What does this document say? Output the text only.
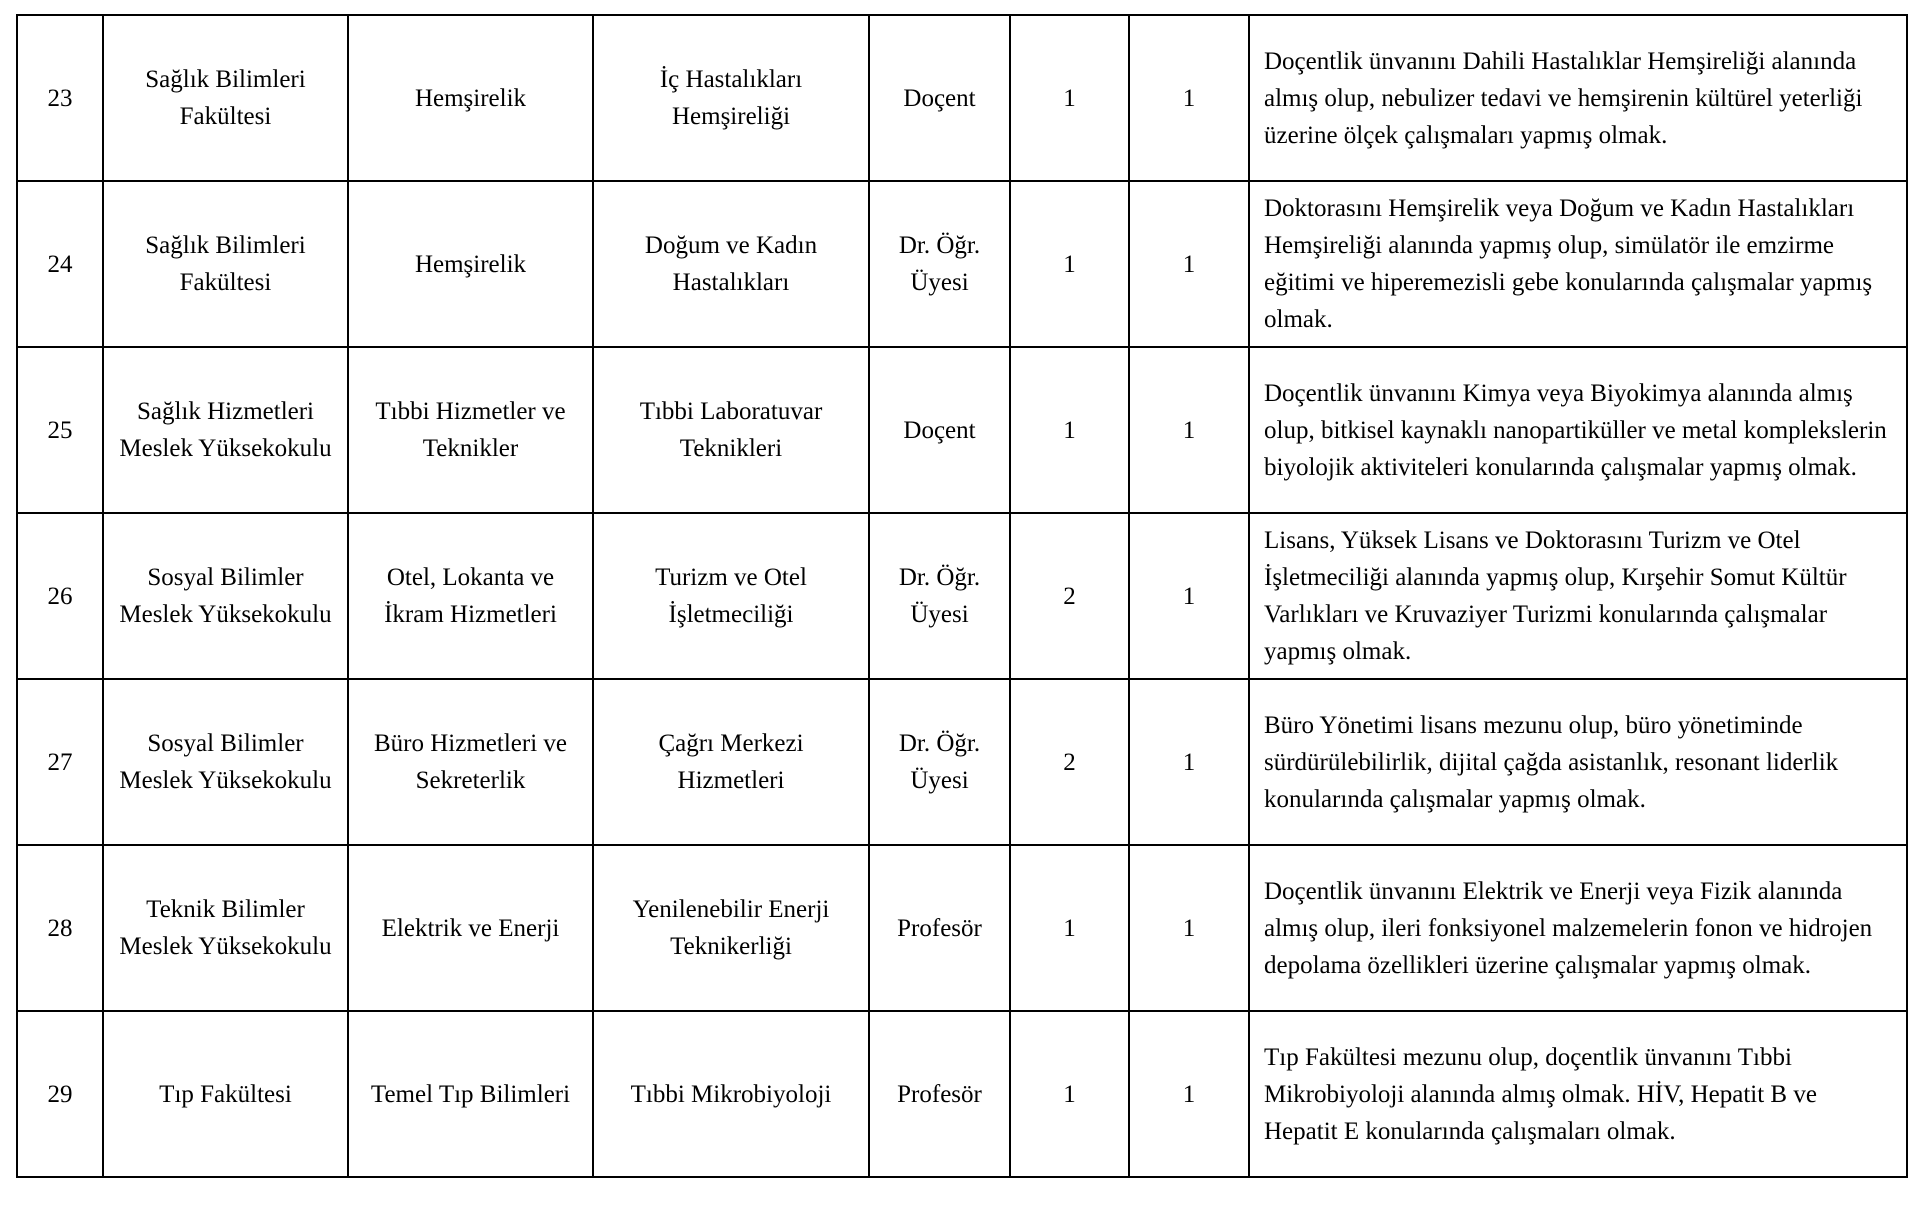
23	Sağlık Bilimleri Fakültesi	Hemşirelik	İç Hastalıkları Hemşireliği	Doçent	1	1	Doçentlik ünvanını Dahili Hastalıklar Hemşireliği alanında almış olup, nebulizer tedavi ve hemşirenin kültürel yeterliği üzerine ölçek çalışmaları yapmış olmak.
24	Sağlık Bilimleri Fakültesi	Hemşirelik	Doğum ve Kadın Hastalıkları	Dr. Öğr. Üyesi	1	1	Doktorasını Hemşirelik veya Doğum ve Kadın Hastalıkları Hemşireliği alanında yapmış olup, simülatör ile emzirme eğitimi ve hiperemezisli gebe konularında çalışmalar yapmış olmak.
25	Sağlık Hizmetleri Meslek Yüksekokulu	Tıbbi Hizmetler ve Teknikler	Tıbbi Laboratuvar Teknikleri	Doçent	1	1	Doçentlik ünvanını Kimya veya Biyokimya alanında almış olup, bitkisel kaynaklı nanopartiküller ve metal komplekslerin biyolojik aktiviteleri konularında çalışmalar yapmış olmak.
26	Sosyal Bilimler Meslek Yüksekokulu	Otel, Lokanta ve İkram Hizmetleri	Turizm ve Otel İşletmeciliği	Dr. Öğr. Üyesi	2	1	Lisans, Yüksek Lisans ve Doktorasını Turizm ve Otel İşletmeciliği alanında yapmış olup, Kırşehir Somut Kültür Varlıkları ve Kruvaziyer Turizmi konularında çalışmalar yapmış olmak.
27	Sosyal Bilimler Meslek Yüksekokulu	Büro Hizmetleri ve Sekreterlik	Çağrı Merkezi Hizmetleri	Dr. Öğr. Üyesi	2	1	Büro Yönetimi lisans mezunu olup, büro yönetiminde sürdürülebilirlik, dijital çağda asistanlık, resonant liderlik konularında çalışmalar yapmış olmak.
28	Teknik Bilimler Meslek Yüksekokulu	Elektrik ve Enerji	Yenilenebilir Enerji Teknikerliği	Profesör	1	1	Doçentlik ünvanını Elektrik ve Enerji veya Fizik alanında almış olup, ileri fonksiyonel malzemelerin fonon ve hidrojen depolama özellikleri üzerine çalışmalar yapmış olmak.
29	Tıp Fakültesi	Temel Tıp Bilimleri	Tıbbi Mikrobiyoloji	Profesör	1	1	Tıp Fakültesi mezunu olup, doçentlik ünvanını Tıbbi Mikrobiyoloji alanında almış olmak. HİV, Hepatit B ve Hepatit E konularında çalışmaları olmak.
